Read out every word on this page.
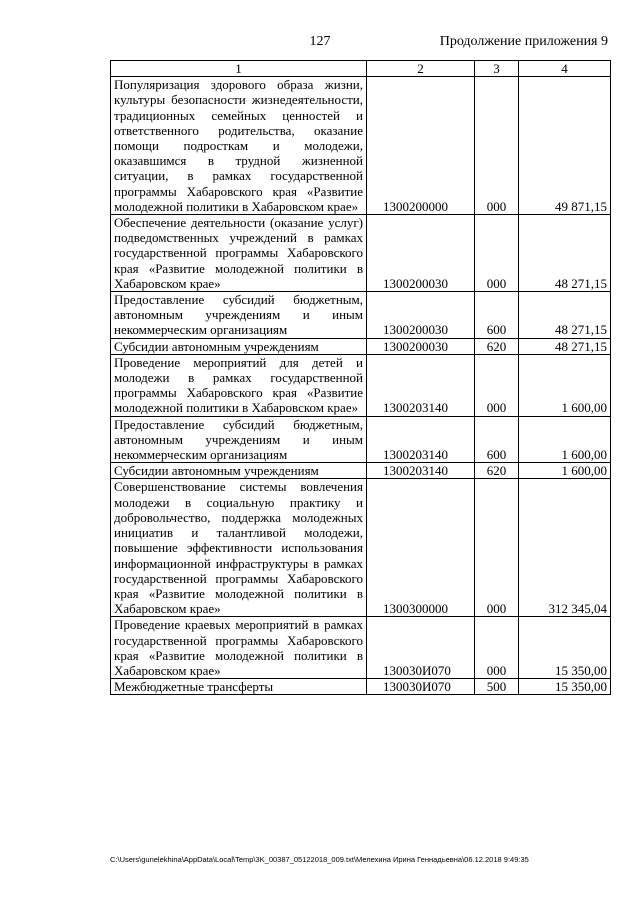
127	Продолжение приложения 9
1	2	3	4
Популяризация здорового образа жизни, культуры безопасности жизнедеятельности, традиционных семейных ценностей и ответственного родительства, оказание помощи подросткам и молодежи, оказавшимся в трудной жизненной ситуации, в рамках государственной программы Хабаровского края «Развитие молодежной политики в Хабаровском крае»	1300200000	000	49 871,15
Обеспечение деятельности (оказание услуг) подведомственных учреждений в рамках государственной программы Хабаровского края «Развитие молодежной политики в Хабаровском крае»	1300200030	000	48 271,15
Предоставление субсидий бюджетным, автономным учреждениям и иным некоммерческим организациям	1300200030	600	48 271,15
Субсидии автономным учреждениям	1300200030	620	48 271,15
Проведение мероприятий для детей и молодежи в рамках государственной программы Хабаровского края «Развитие молодежной политики в Хабаровском крае»	1300203140	000	1 600,00
Предоставление субсидий бюджетным, автономным учреждениям и иным некоммерческим организациям	1300203140	600	1 600,00
Субсидии автономным учреждениям	1300203140	620	1 600,00
Совершенствование системы вовлечения молодежи в социальную практику и добровольчество, поддержка молодежных инициатив и талантливой молодежи, повышение эффективности использования информационной инфраструктуры в рамках государственной программы Хабаровского края «Развитие молодежной политики в Хабаровском крае»	1300300000	000	312 345,04
Проведение краевых мероприятий в рамках государственной программы Хабаровского края «Развитие молодежной политики в Хабаровском крае»	130030И070	000	15 350,00
Межбюджетные трансферты	130030И070	500	15 350,00
C:\Users\gunelekhina\AppData\Local\Temp\3K_00387_05122018_009.txt\Мелехина Ирина Геннадьевна\06.12.2018 9:49:35
